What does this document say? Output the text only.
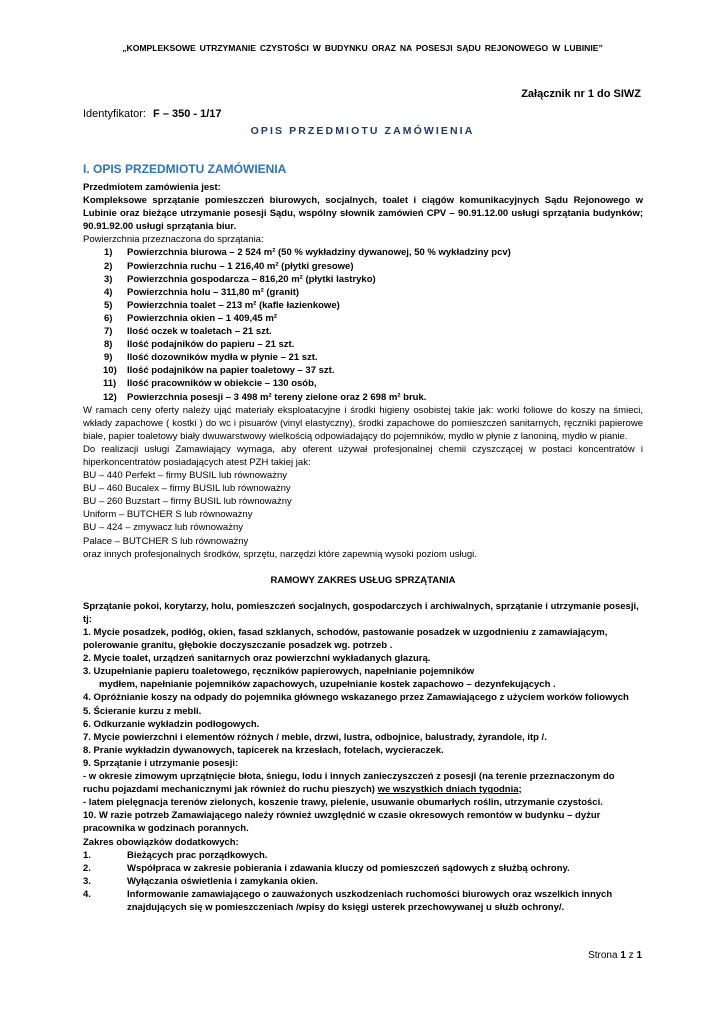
„KOMPLEKSOWE UTRZYMANIE CZYSTOŚCI W BUDYNKU ORAZ NA POSESJI SĄDU REJONOWEGO W LUBINIE”
Załącznik nr 1 do SIWZ
Identyfikator: F – 350 - 1/17
OPIS PRZEDMIOTU ZAMÓWIENIA
I. OPIS PRZEDMIOTU ZAMÓWIENIA
Przedmiotem zamówienia jest:
Kompleksowe sprzątanie pomieszczeń biurowych, socjalnych, toalet i ciągów komunikacyjnych Sądu Rejonowego w Lubinie oraz bieżące utrzymanie posesji Sądu, wspólny słownik zamówień CPV – 90.91.12.00 usługi sprzątania budynków; 90.91.92.00 usługi sprzątania biur.
Powierzchnia przeznaczona do sprzątania:
1)	Powierzchnia biurowa – 2 524 m² (50 % wykładziny dywanowej, 50 % wykładziny pcv)
2)	Powierzchnia ruchu – 1 216,40 m² (płytki gresowe)
3)	Powierzchnia gospodarcza – 816,20 m² (płytki lastryko)
4)	Powierzchnia holu – 311,80 m² (granit)
5)	Powierzchnia toalet – 213 m² (kafle łazienkowe)
6)	Powierzchnia okien – 1 409,45 m²
7)	Ilość oczek w toaletach – 21 szt.
8)	Ilość podajników do papieru – 21 szt.
9)	Ilość dozowników mydła w płynie – 21 szt.
10)	Ilość podajników na papier toaletowy – 37 szt.
11)	Ilość pracowników w obiekcie – 130 osób,
12)	Powierzchnia posesji – 3 498 m² tereny zielone oraz 2 698 m² bruk.
W ramach ceny oferty należy ująć materiały eksploatacyjne i środki higieny osobistej takie jak: worki foliowe do koszy na śmieci, wkłady zapachowe ( kostki ) do wc i pisuarów (vinyl elastyczny), środki zapachowe do pomieszczeń sanitarnych, ręczniki papierowe białe, papier toaletowy biały dwuwarstwowy wielkością odpowiadający do pojemników, mydło w płynie z lanoniną, mydło w pianie.
Do realizacji usługi Zamawiający wymaga, aby oferent używał profesjonalnej chemii czyszczącej w postaci koncentratów i hiperkoncentratów posiadających atest PZH takiej jak:
BU – 440 Perfekt – firmy BUSIL lub równoważny
BU – 460 Bucalex – firmy BUSIL lub równoważny
BU – 260 Buzstart – firmy BUSIL lub równoważny
Uniform – BUTCHER S lub równoważny
BU – 424 – zmywacz lub równoważny
Palace – BUTCHER S lub równoważny
oraz innych profesjonalnych środków, sprzętu, narzędzi które zapewnią wysoki poziom usługi.
RAMOWY ZAKRES USŁUG SPRZĄTANIA
Sprzątanie pokoi, korytarzy, holu, pomieszczeń socjalnych, gospodarczych i archiwalnych, sprzątanie i utrzymanie posesji, tj:
1. Mycie posadzek, podłóg, okien, fasad szklanych, schodów, pastowanie posadzek w uzgodnieniu z zamawiającym, polerowanie granitu, głębokie doczyszczanie posadzek wg. potrzeb .
2. Mycie toalet, urządzeń sanitarnych oraz powierzchni wykładanych glazurą.
3. Uzupełnianie papieru toaletowego, ręczników papierowych, napełnianie pojemników
mydłem, napełnianie pojemników zapachowych, uzupełnianie kostek zapachowo – dezynfekujących .
4. Opróżnianie koszy na odpady do pojemnika głównego wskazanego przez Zamawiającego z użyciem worków foliowych
5. Ścieranie kurzu z mebli.
6. Odkurzanie wykładzin podłogowych.
7. Mycie powierzchni i elementów różnych / meble, drzwi, lustra, odbojnice, balustrady, żyrandole, itp /.
8. Pranie wykładzin dywanowych, tapicerek na krzesłach, fotelach, wycieraczek.
9. Sprzątanie i utrzymanie posesji:
- w okresie zimowym uprzątnięcie błota, śniegu, lodu i innych zanieczyszczeń z posesji (na terenie przeznaczonym do ruchu pojazdami mechanicznymi jak również do ruchu pieszych) we wszystkich dniach tygodnia;
- latem pielęgnacja terenów zielonych, koszenie trawy, pielenie, usuwanie obumarłych roślin, utrzymanie czystości.
10. W razie potrzeb Zamawiającego należy również uwzględnić w czasie okresowych remontów w budynku – dyżur pracownika w godzinach porannych.
Zakres obowiązków dodatkowych:
1.	Bieżących prac porządkowych.
2.	Współpraca w zakresie pobierania i zdawania kluczy od pomieszczeń sądowych z służbą ochrony.
3.	Wyłączania oświetlenia i zamykania okien.
4.	Informowanie zamawiającego o zauważonych uszkodzeniach ruchomości biurowych oraz wszelkich innych znajdujących się w pomieszczeniach /wpisy do księgi usterek przechowywanej u służb ochrony/.
Strona 1 z 1
